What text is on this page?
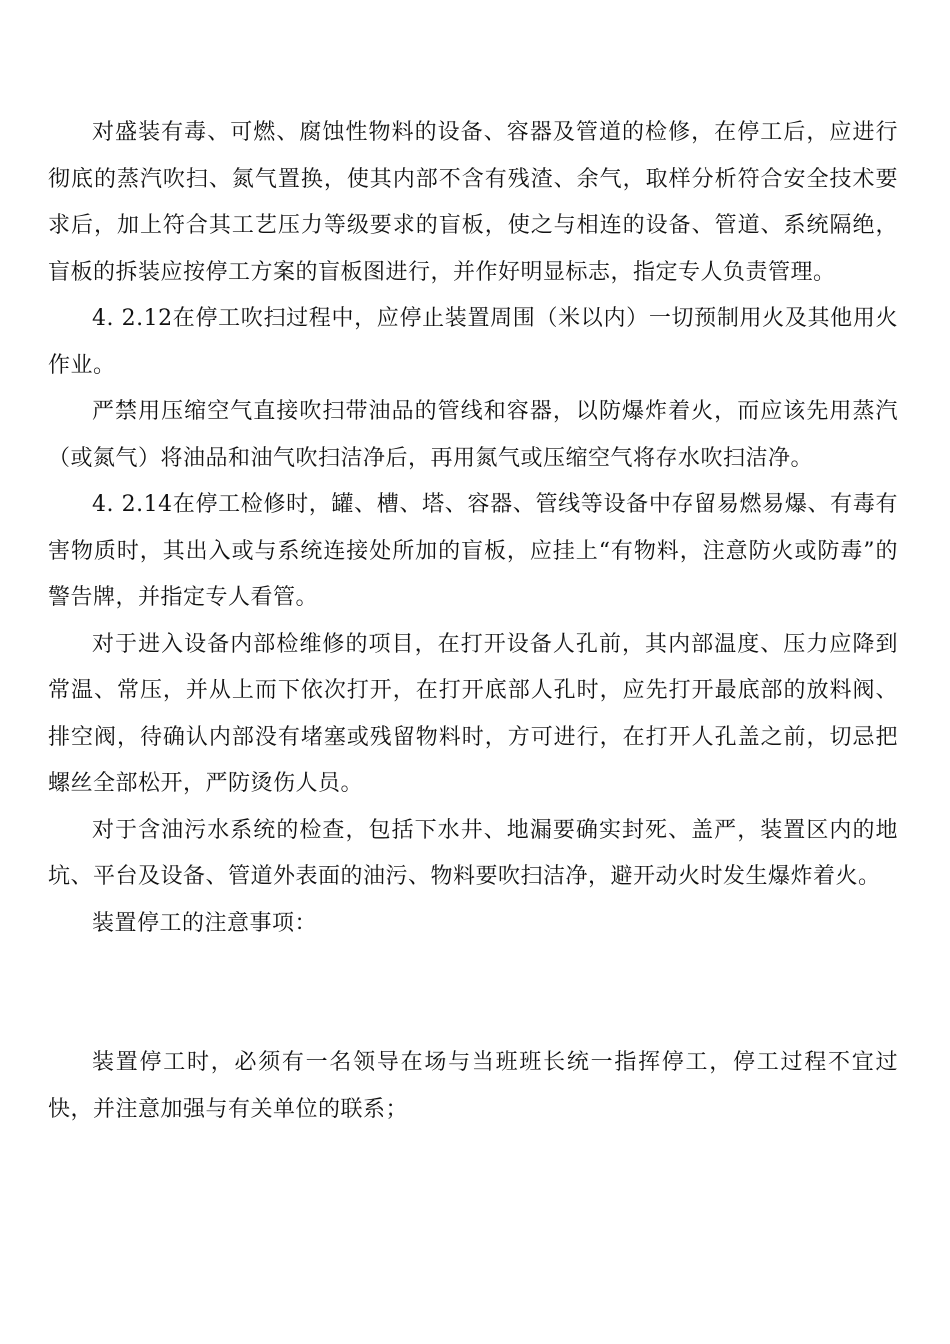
对盛装有毒、可燃、腐蚀性物料的设备、容器及管道的检修，在停工后，应进行彻底的蒸汽吹扫、氮气置换，使其内部不含有残渣、余气，取样分析符合安全技术要求后，加上符合其工艺压力等级要求的盲板，使之与相连的设备、管道、系统隔绝，盲板的拆装应按停工方案的盲板图进行，并作好明显标志，指定专人负责管理。

4. 2.12在停工吹扫过程中，应停止装置周围（米以内）一切预制用火及其他用火作业。

严禁用压缩空气直接吹扫带油品的管线和容器，以防爆炸着火，而应该先用蒸汽（或氮气）将油品和油气吹扫洁净后，再用氮气或压缩空气将存水吹扫洁净。

4. 2.14在停工检修时，罐、槽、塔、容器、管线等设备中存留易燃易爆、有毒有害物质时，其出入或与系统连接处所加的盲板，应挂上“有物料，注意防火或防毒”的警告牌，并指定专人看管。

对于进入设备内部检维修的项目，在打开设备人孔前，其内部温度、压力应降到常温、常压，并从上而下依次打开，在打开底部人孔时，应先打开最底部的放料阀、排空阀，待确认内部没有堵塞或残留物料时，方可进行，在打开人孔盖之前，切忌把螺丝全部松开，严防烫伤人员。

对于含油污水系统的检查，包括下水井、地漏要确实封死、盖严，装置区内的地坑、平台及设备、管道外表面的油污、物料要吹扫洁净，避开动火时发生爆炸着火。

装置停工的注意事项：

装置停工时，必须有一名领导在场与当班班长统一指挥停工，停工过程不宜过快，并注意加强与有关单位的联系；
